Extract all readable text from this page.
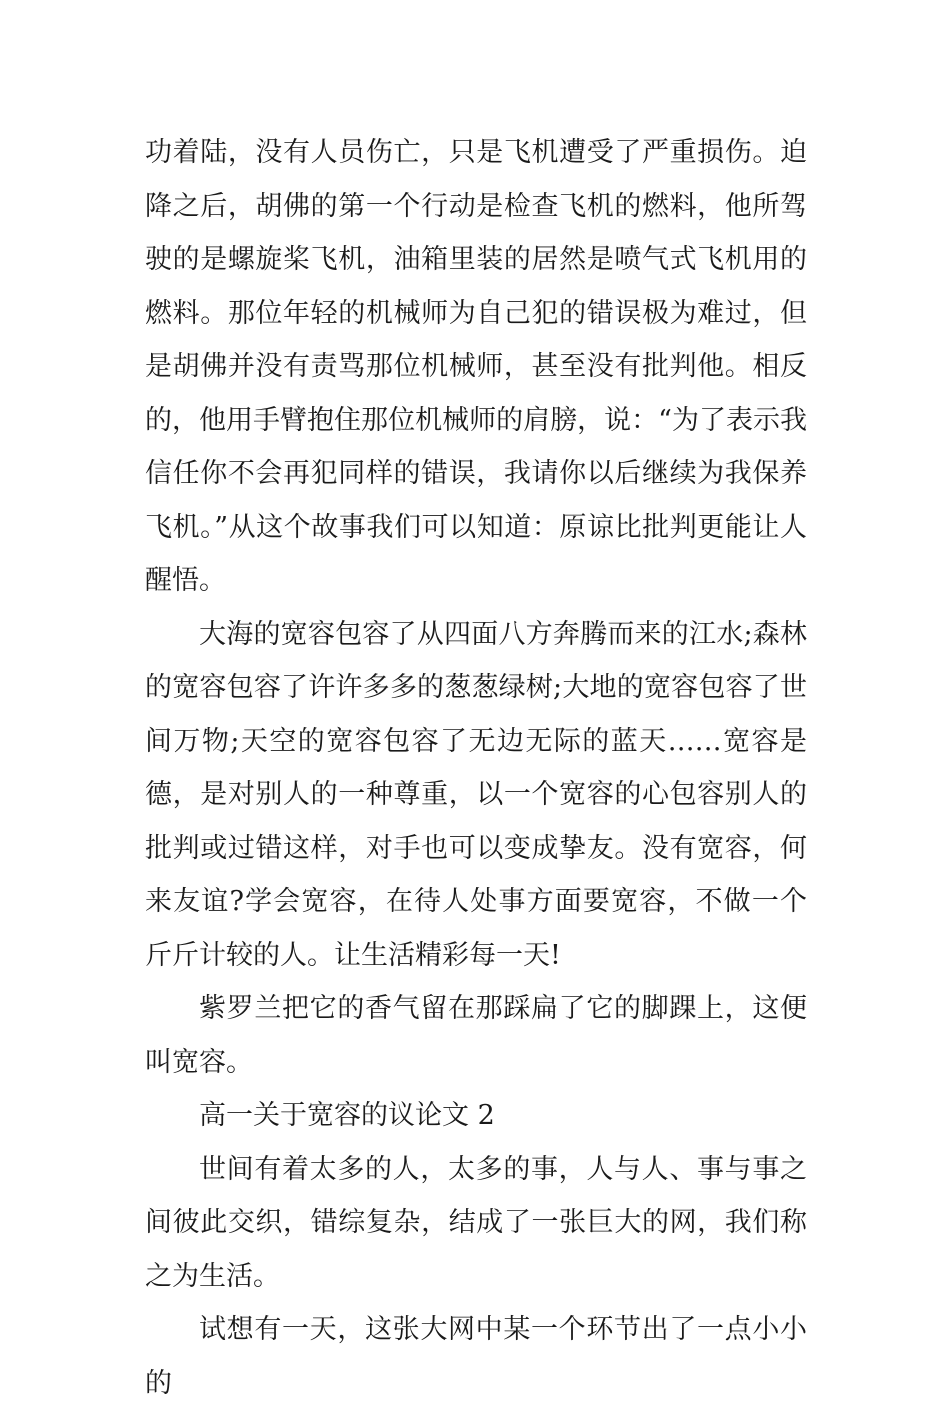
功着陆，没有人员伤亡，只是飞机遭受了严重损伤。迫降之后，胡佛的第一个行动是检查飞机的燃料，他所驾驶的是螺旋桨飞机，油箱里装的居然是喷气式飞机用的燃料。那位年轻的机械师为自己犯的错误极为难过，但是胡佛并没有责骂那位机械师，甚至没有批判他。相反的，他用手臂抱住那位机械师的肩膀，说：“为了表示我信任你不会再犯同样的错误，我请你以后继续为我保养飞机。”从这个故事我们可以知道：原谅比批判更能让人醒悟。

大海的宽容包容了从四面八方奔腾而来的江水;森林的宽容包容了许许多多的葱葱绿树;大地的宽容包容了世间万物;天空的宽容包容了无边无际的蓝天……宽容是德，是对别人的一种尊重，以一个宽容的心包容别人的批判或过错这样，对手也可以变成挚友。没有宽容，何来友谊?学会宽容，在待人处事方面要宽容，不做一个斤斤计较的人。让生活精彩每一天!

紫罗兰把它的香气留在那踩扁了它的脚踝上，这便叫宽容。

高一关于宽容的议论文 2

世间有着太多的人，太多的事，人与人、事与事之间彼此交织，错综复杂，结成了一张巨大的网，我们称之为生活。

试想有一天，这张大网中某一个环节出了一点小小的
